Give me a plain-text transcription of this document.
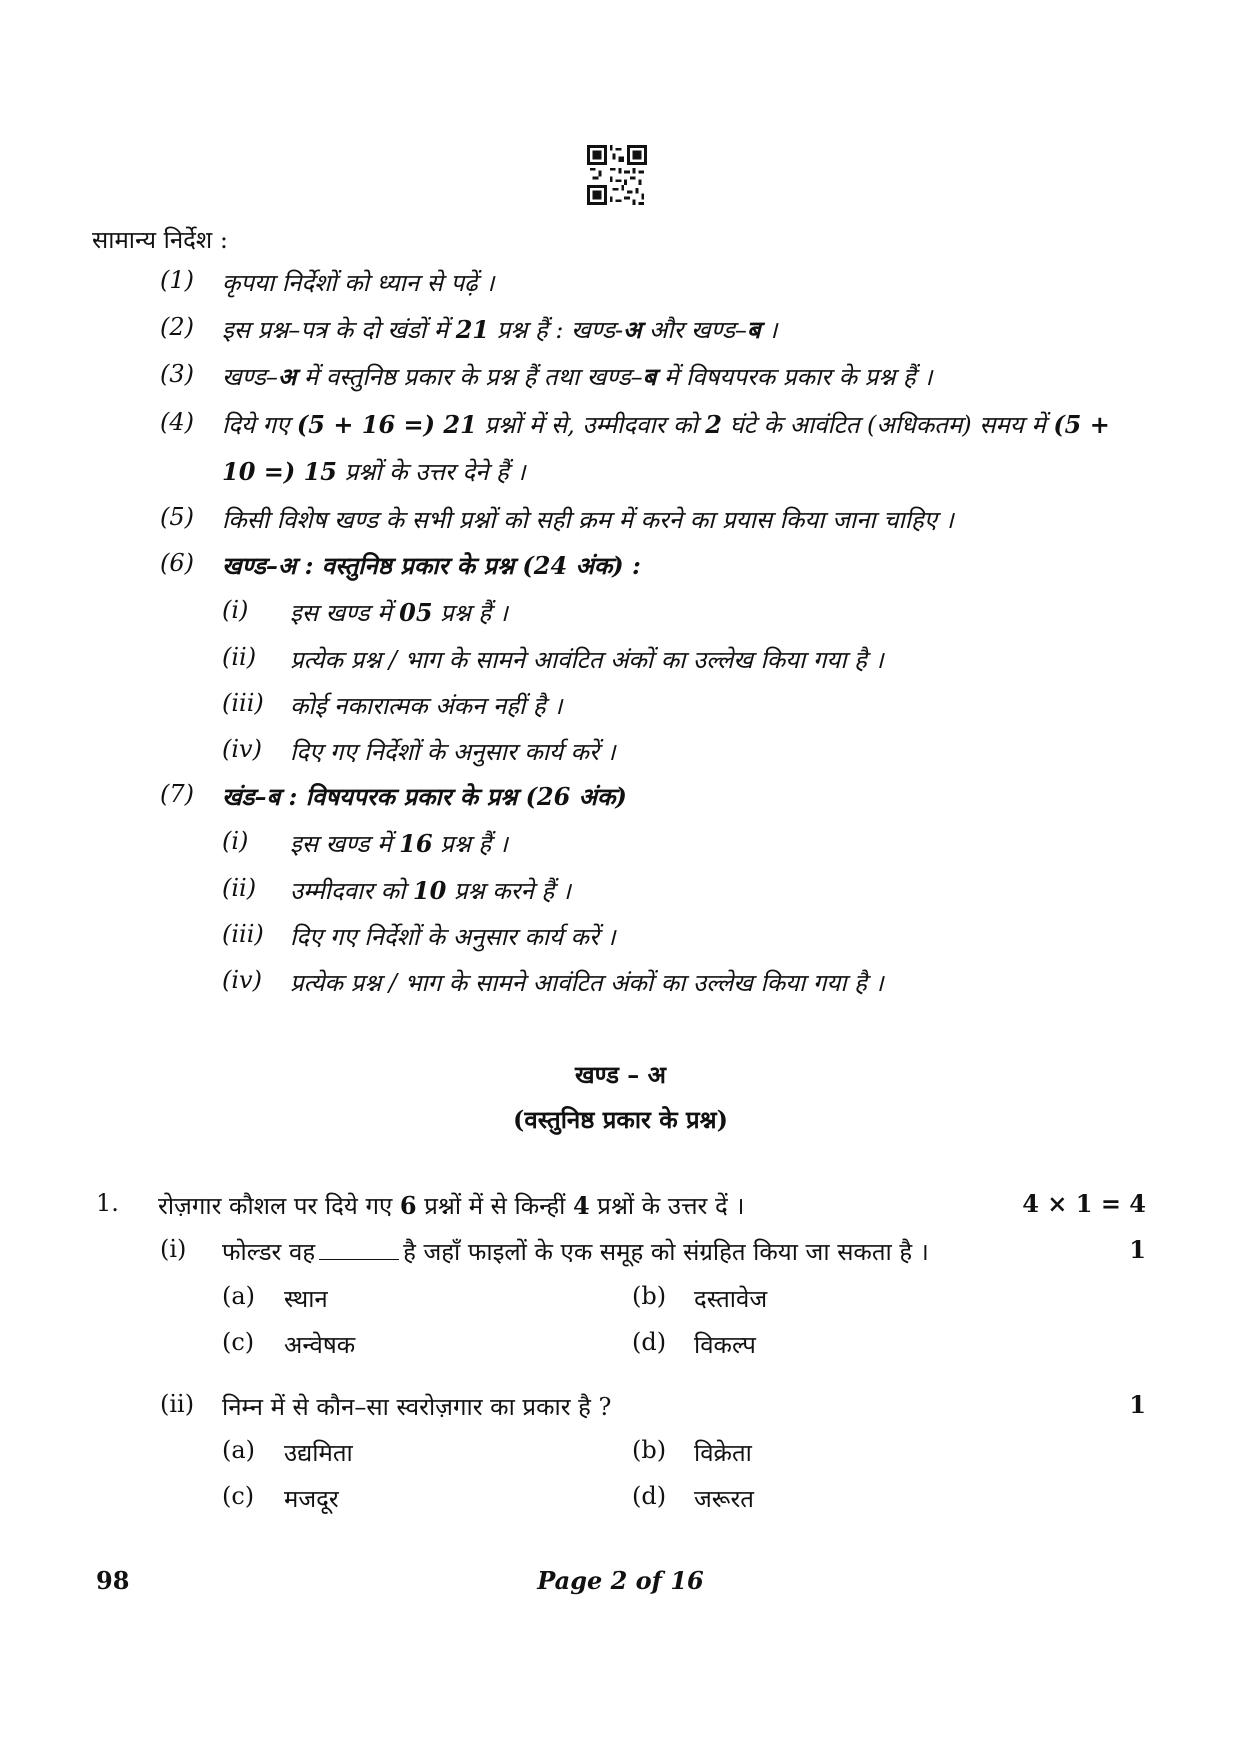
सामान्य निर्देश :
(1) कृपया निर्देशों को ध्यान से पढ़ें ।
(2) इस प्रश्न–पत्र के दो खंडों में 21 प्रश्न हैं : खण्ड-अ और खण्ड–ब ।
(3) खण्ड–अ में वस्तुनिष्ठ प्रकार के प्रश्न हैं तथा खण्ड–ब में विषयपरक प्रकार के प्रश्न हैं ।
(4) दिये गए (5 + 16 =) 21 प्रश्नों में से, उम्मीदवार को 2 घंटे के आवंटित (अधिकतम) समय में (5 +
10 =) 15 प्रश्नों के उत्तर देने हैं ।
(5) किसी विशेष खण्ड के सभी प्रश्नों को सही क्रम में करने का प्रयास किया जाना चाहिए ।
(6) खण्ड–अ : वस्तुनिष्ठ प्रकार के प्रश्न (24 अंक) :
(i) इस खण्ड में 05 प्रश्न हैं ।
(ii) प्रत्येक प्रश्न / भाग के सामने आवंटित अंकों का उल्लेख किया गया है ।
(iii) कोई नकारात्मक अंकन नहीं है ।
(iv) दिए गए निर्देशों के अनुसार कार्य करें ।
(7) खंड–ब : विषयपरक प्रकार के प्रश्न (26 अंक)
(i) इस खण्ड में 16 प्रश्न हैं ।
(ii) उम्मीदवार को 10 प्रश्न करने हैं ।
(iii) दिए गए निर्देशों के अनुसार कार्य करें ।
(iv) प्रत्येक प्रश्न / भाग के सामने आवंटित अंकों का उल्लेख किया गया है ।
खण्ड – अ
(वस्तुनिष्ठ प्रकार के प्रश्न)
1. रोज़गार कौशल पर दिये गए 6 प्रश्नों में से किन्हीं 4 प्रश्नों के उत्तर दें ।	4 × 1 = 4
(i) फोल्डर वह	है जहाँ फाइलों के एक समूह को संग्रहित किया जा सकता है ।	1
(a) स्थान	(b) दस्तावेज
(c) अन्वेषक	(d) विकल्प
(ii) निम्न में से कौन–सा स्वरोज़गार का प्रकार है ?	1
(a) उद्यमिता	(b) विक्रेता
(c) मजदूर	(d) जरूरत
98	Page 2 of 16
